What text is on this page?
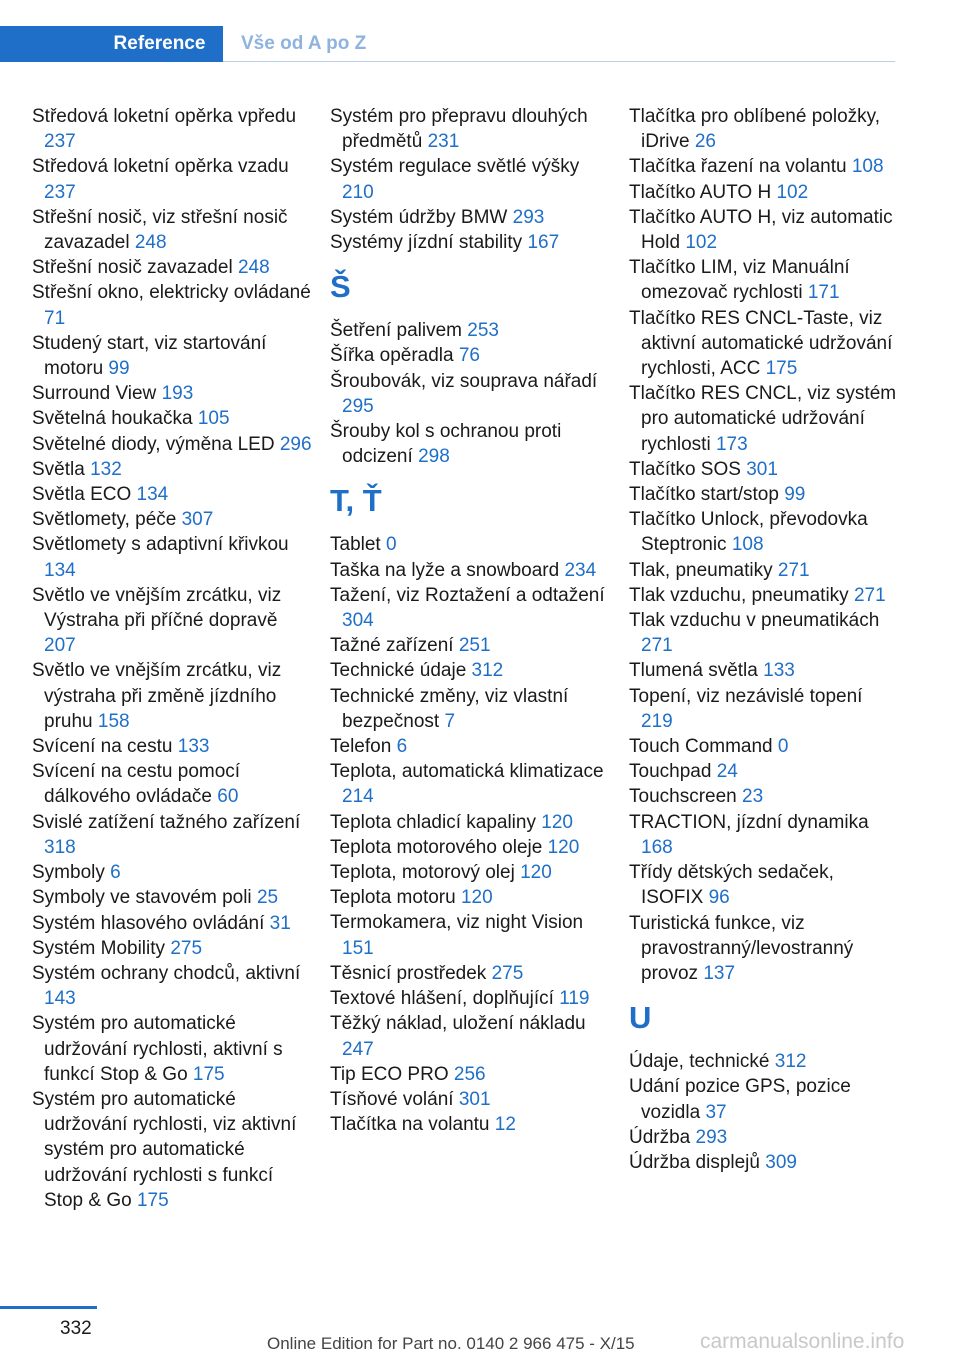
Reference	Vše od A po Z
Středová loketní opěrka vpředu 237
Středová loketní opěrka vzadu 237
Střešní nosič, viz střešní nosič zavazadel 248
Střešní nosič zavazadel 248
Střešní okno, elektricky ovládané 71
Studený start, viz startování motoru 99
Surround View 193
Světelná houkačka 105
Světelné diody, výměna LED 296
Světla 132
Světla ECO 134
Světlomety, péče 307
Světlomety s adaptivní křivkou 134
Světlo ve vnějším zrcátku, viz Výstraha při příčné dopravě 207
Světlo ve vnějším zrcátku, viz výstraha při změně jízdního pruhu 158
Svícení na cestu 133
Svícení na cestu pomocí dálkového ovládače 60
Svislé zatížení tažného zařízení 318
Symboly 6
Symboly ve stavovém poli 25
Systém hlasového ovládání 31
Systém Mobility 275
Systém ochrany chodců, aktivní 143
Systém pro automatické udržování rychlosti, aktivní s funkcí Stop & Go 175
Systém pro automatické udržování rychlosti, viz aktivní systém pro automatické udržování rychlosti s funkcí Stop & Go 175
Systém pro přepravu dlouhých předmětů 231
Systém regulace světlé výšky 210
Systém údržby BMW 293
Systémy jízdní stability 167
Š
Šetření palivem 253
Šířka opěradla 76
Šroubovák, viz souprava nářadí 295
Šrouby kol s ochranou proti odcizení 298
T, Ť
Tablet 0
Taška na lyže a snowboard 234
Tažení, viz Roztažení a odtažení 304
Tažné zařízení 251
Technické údaje 312
Technické změny, viz vlastní bezpečnost 7
Telefon 6
Teplota, automatická klimatizace 214
Teplota chladicí kapaliny 120
Teplota motorového oleje 120
Teplota, motorový olej 120
Teplota motoru 120
Termokamera, viz night Vision 151
Těsnicí prostředek 275
Textové hlášení, doplňující 119
Těžký náklad, uložení nákladu 247
Tip ECO PRO 256
Tísňové volání 301
Tlačítka na volantu 12
Tlačítka pro oblíbené položky, iDrive 26
Tlačítka řazení na volantu 108
Tlačítko AUTO H 102
Tlačítko AUTO H, viz automatic Hold 102
Tlačítko LIM, viz Manuální omezovač rychlosti 171
Tlačítko RES CNCL-Taste, viz aktivní automatické udržování rychlosti, ACC 175
Tlačítko RES CNCL, viz systém pro automatické udržování rychlosti 173
Tlačítko SOS 301
Tlačítko start/stop 99
Tlačítko Unlock, převodovka Steptronic 108
Tlak, pneumatiky 271
Tlak vzduchu, pneumatiky 271
Tlak vzduchu v pneumatikách 271
Tlumená světla 133
Topení, viz nezávislé topení 219
Touch Command 0
Touchpad 24
Touchscreen 23
TRACTION, jízdní dynamika 168
Třídy dětských sedaček, ISOFIX 96
Turistická funkce, viz pravostranný/levostranný provoz 137
U
Údaje, technické 312
Udání pozice GPS, pozice vozidla 37
Údržba 293
Údržba displejů 309
332
Online Edition for Part no. 0140 2 966 475 - X/15	carmanualsonline.info
